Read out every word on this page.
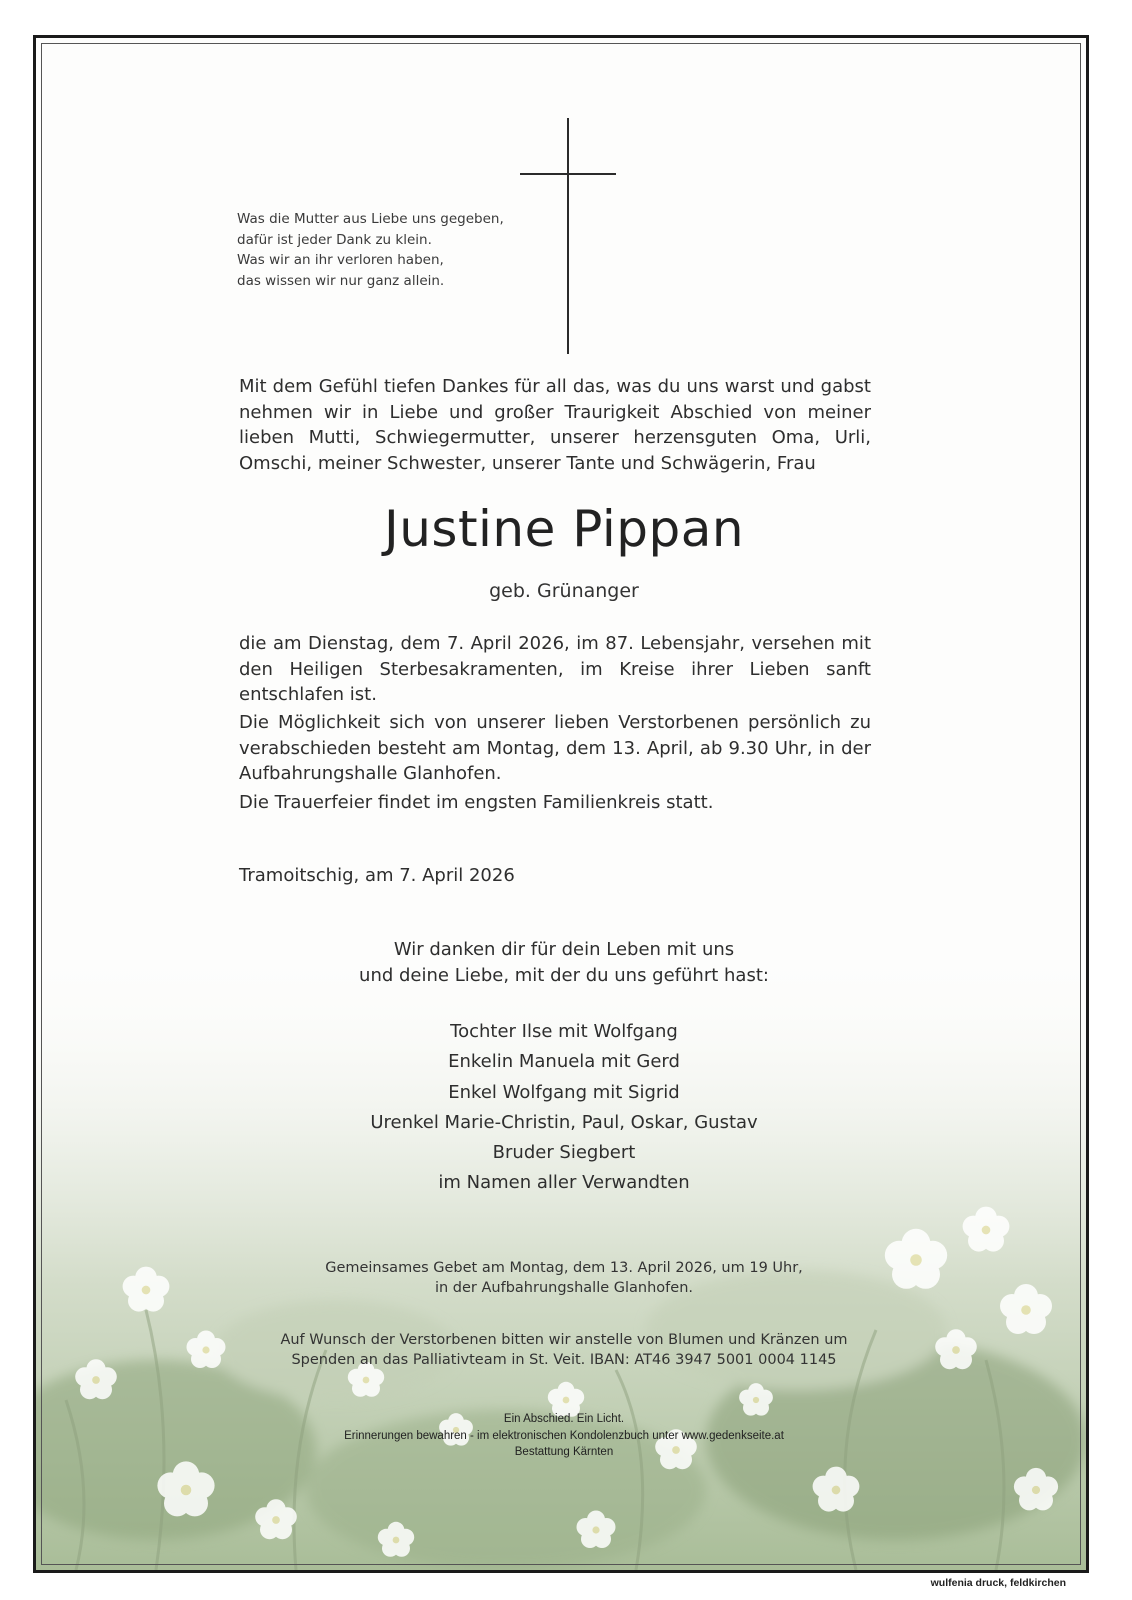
Was die Mutter aus Liebe uns gegeben,
dafür ist jeder Dank zu klein.
Was wir an ihr verloren haben,
das wissen wir nur ganz allein.
Mit dem Gefühl tiefen Dankes für all das, was du uns warst und gabst nehmen wir in Liebe und großer Traurigkeit Abschied von meiner lieben Mutti, Schwiegermutter, unserer herzensguten Oma, Urli, Omschi, meiner Schwester, unserer Tante und Schwägerin, Frau
Justine Pippan
geb. Grünanger
die am Dienstag, dem 7. April 2026, im 87. Lebensjahr, versehen mit den Heiligen Sterbesakramenten, im Kreise ihrer Lieben sanft entschlafen ist.
Die Möglichkeit sich von unserer lieben Verstorbenen persönlich zu verabschieden besteht am Montag, dem 13. April, ab 9.30 Uhr, in der Aufbahrungshalle Glanhofen.
Die Trauerfeier findet im engsten Familienkreis statt.
Tramoitschig, am 7. April 2026
Wir danken dir für dein Leben mit uns
und deine Liebe, mit der du uns geführt hast:
Tochter Ilse mit Wolfgang
Enkelin Manuela mit Gerd
Enkel Wolfgang mit Sigrid
Urenkel Marie-Christin, Paul, Oskar, Gustav
Bruder Siegbert
im Namen aller Verwandten
Gemeinsames Gebet am Montag, dem 13. April 2026, um 19 Uhr,
in der Aufbahrungshalle Glanhofen.
Auf Wunsch der Verstorbenen bitten wir anstelle von Blumen und Kränzen um
Spenden an das Palliativteam in St. Veit. IBAN: AT46 3947 5001 0004 1145
Ein Abschied. Ein Licht.
Erinnerungen bewahren - im elektronischen Kondolenzbuch unter www.gedenkseite.at
Bestattung Kärnten
wulfenia druck, feldkirchen
